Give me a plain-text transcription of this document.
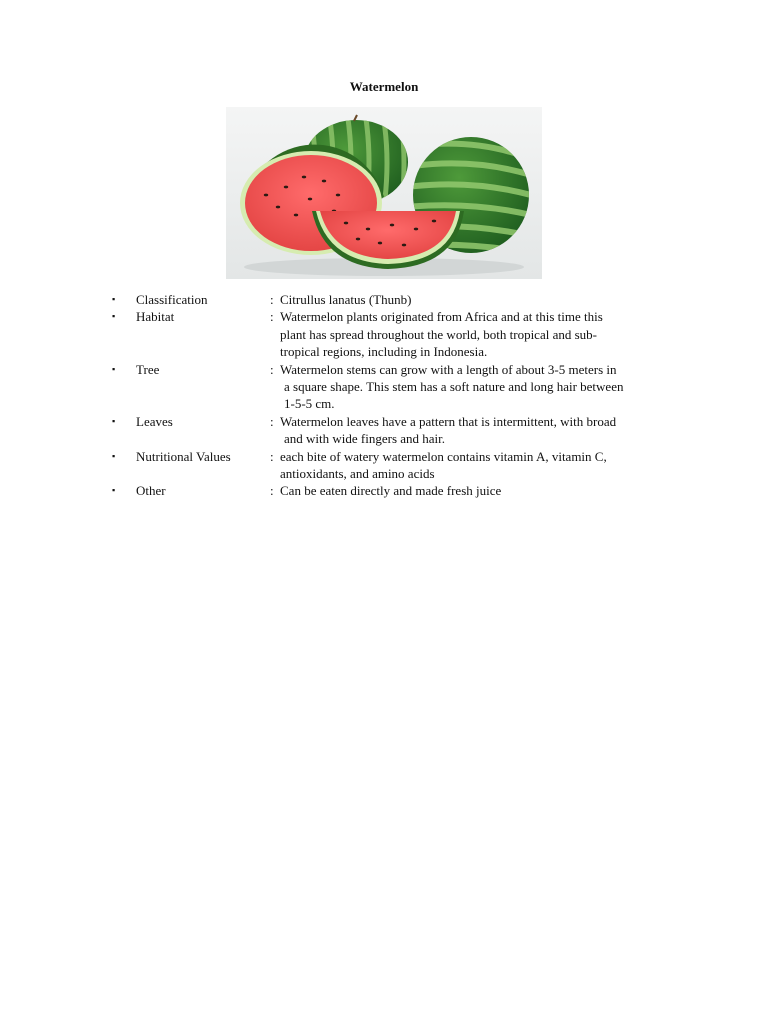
Watermelon
▪	Classification	: Citrullus lanatus (Thunb)
▪	Habitat	: Watermelon plants originated from Africa and at this time this
plant has spread throughout the world, both tropical and sub-
tropical regions, including in Indonesia.
▪	Tree	: Watermelon stems can grow with a length of about 3-5 meters in
a square shape. This stem has a soft nature and long hair between
1-5-5 cm.
▪	Leaves	: Watermelon leaves have a pattern that is intermittent, with broad
and with wide fingers and hair.
▪	Nutritional Values	: each bite of watery watermelon contains vitamin A, vitamin C,
antioxidants, and amino acids
▪	Other	: Can be eaten directly and made fresh juice
